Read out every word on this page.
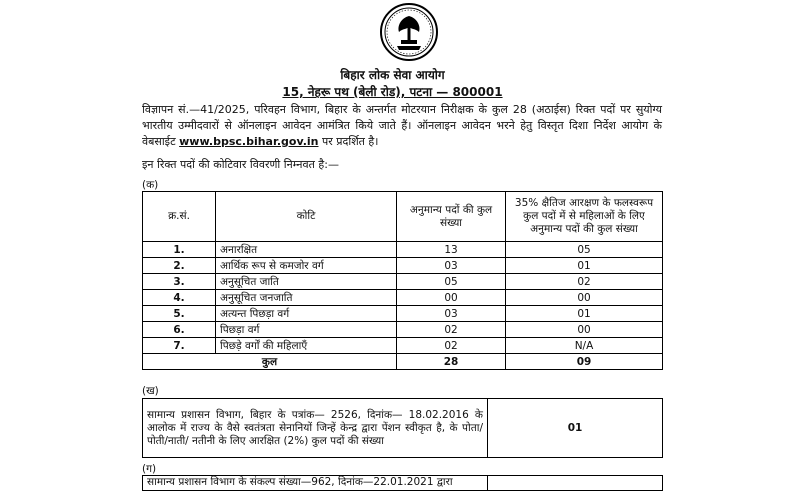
बिहार लोक सेवा आयोग
15, नेहरू पथ (बेली रोड), पटना — 800001
विज्ञापन सं.—41/2025, परिवहन विभाग, बिहार के अन्तर्गत मोटरयान निरीक्षक के कुल 28 (अठाईस) रिक्त पदों पर सुयोग्य भारतीय उम्मीदवारों से ऑनलाइन आवेदन आमंत्रित किये जाते हैं। ऑनलाइन आवेदन भरने हेतु विस्तृत दिशा निर्देश आयोग के वेबसाईट www.bpsc.bihar.gov.in पर प्रदर्शित है।
इन रिक्त पदों की कोटिवार विवरणी निम्नवत है:—
(क)
क्र.सं.	कोटि	अनुमान्य पदों की कुल संख्या	35% क्षैतिज आरक्षण के फलस्वरूप कुल पदों में से महिलाओं के लिए अनुमान्य पदों की कुल संख्या
1.	अनारक्षित	13	05
2.	आर्थिक रूप से कमजोर वर्ग	03	01
3.	अनुसूचित जाति	05	02
4.	अनुसूचित जनजाति	00	00
5.	अत्यन्त पिछड़ा वर्ग	03	01
6.	पिछड़ा वर्ग	02	00
7.	पिछड़े वर्गों की महिलाएँ	02	N/A
कुल		28	09
(ख)
सामान्य प्रशासन विभाग, बिहार के पत्रांक— 2526, दिनांक— 18.02.2016 के आलोक में राज्य के वैसे स्वतंत्रता सेनानियों जिन्हें केन्द्र द्वारा पेंशन स्वीकृत है, के पोता/पोती/नाती/ नतीनी के लिए आरक्षित (2%) कुल पदों की संख्या	01
(ग)
सामान्य प्रशासन विभाग के संकल्प संख्या—962, दिनांक—22.01.2021 द्वारा	
